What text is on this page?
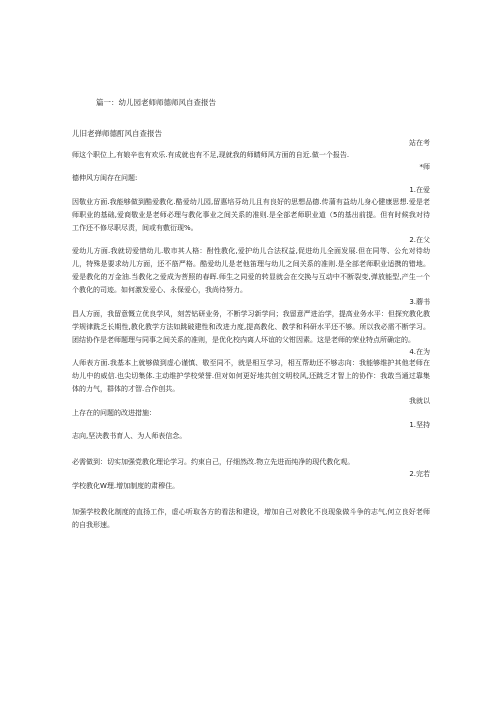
篇一：幼儿园老师师德师风自查报告
儿旧老弹师德酊风自查报告
站在考
师这个职位上,有娘辛也有欢乐.有成就也有不足,现就我的师睛师风方面的自近.做一个报告.
*师
德伸风方闺存在问题:
1.在爱
因敬业方面.我能够做到酷爱教化.酷爱幼儿园,留惠培芬幼儿且有良好的思想品德.传蒲有益幼儿身心健康思想.爱是老师职业的基础,爱商敬业是老师必理与教化事业之间关系的准则.是全部老师职业道（5的基出前提。但有时候我对待工作还不修尽职尽责，间或有敷衍现%。
2.在父
爱幼儿方面.我就切爱惜幼儿.敬市其人格：酎性教化,爱护幼儿合法权益,促进幼儿全面发展.但在同等、公允对待幼儿，特殊是要求幼儿方面，还不筋严格。酷爱幼儿是老他笛理与幼儿之间关系的准则.是全部老师职业适携的错地。爱是教化的万金油.当教化之爱成为菩照的春晖.师生之同爱的转显就会在交换与互动中不断裂变,弹放能型,产生一个个教化的司迹。如何激发爱心、永保爱心，我尚待努力。
3.蘑书
昌人方面，我留意慨立优良学风，刻苦钻研业务，不断学习新学问；我留意严进治学，提高业务水平：但探究教化教学规律跣乏长期性,教化教学方法如跳破建性和改进力度,提高教化、教学和科研水平还不够。所以我必需不断学习。团结协作是老师题理与同事之间关系的准则，是优化校内离人坏谊的父钳因素。这是老师的荣业特点所确定的。
4.在为
人师表方面.我基本上就够做到虚心谨慎、敬至同不，就是相互学习，相互帮助还不够志向：我能够维护其他老师在幼儿中的威信.也尖切集体.主动维护学校荣誉.但对如何更好地共创文明校风,还跳乏才智上的协作：我敢当通过靠集体的力气，群体的才智.合作创共。
我就以
上存在的问题的改进措施：
1.坚持
志向,坚决教书育人、为人师表信念。
必需做到：切实加强党教化理论学习。约束自己，仔细然改.物立先进而纯净的现代教化观。
2.完若
学校教化W理.增加制度的肃穆住。
加强学校教化制度的直扬工作，虚心听取各方的看法和建设，增加自己对教化不良现象做斗争的志气,何立良好老师的自我形速。
